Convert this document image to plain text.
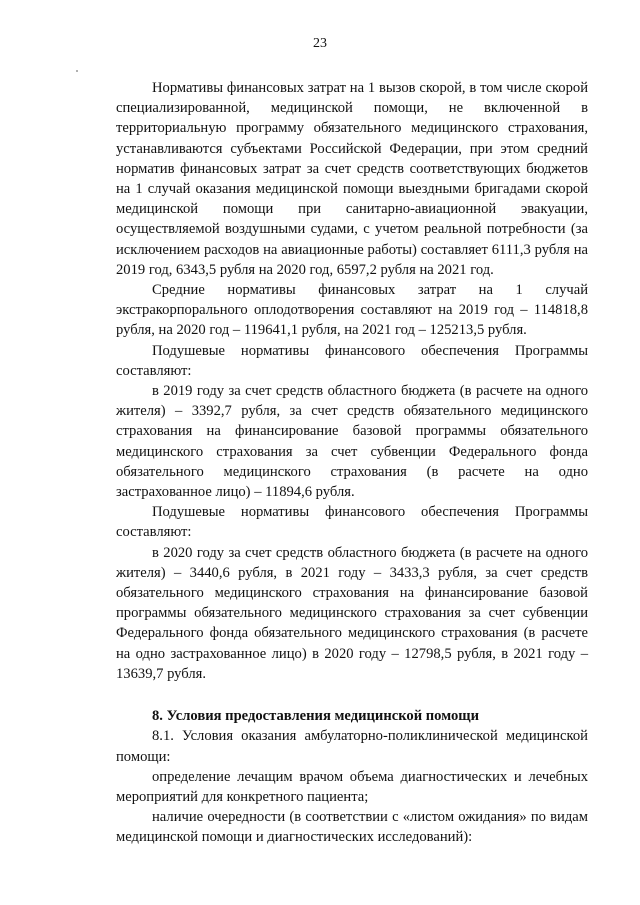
23

Нормативы финансовых затрат на 1 вызов скорой, в том числе скорой специализированной, медицинской помощи, не включенной в территориальную программу обязательного медицинского страхования, устанавливаются субъектами Российской Федерации, при этом средний норматив финансовых затрат за счет средств соответствующих бюджетов на 1 случай оказания медицинской помощи выездными бригадами скорой медицинской помощи при санитарно-авиационной эвакуации, осуществляемой воздушными судами, с учетом реальной потребности (за исключением расходов на авиационные работы) составляет 6111,3 рубля на 2019 год, 6343,5 рубля на 2020 год, 6597,2 рубля на 2021 год.

Средние нормативы финансовых затрат на 1 случай экстракорпорального оплодотворения составляют на 2019 год – 114818,8 рубля, на 2020 год – 119641,1 рубля, на 2021 год – 125213,5 рубля.

Подушевые нормативы финансового обеспечения Программы составляют:

в 2019 году за счет средств областного бюджета (в расчете на одного жителя) – 3392,7 рубля, за счет средств обязательного медицинского страхования на финансирование базовой программы обязательного медицинского страхования за счет субвенции Федерального фонда обязательного медицинского страхования (в расчете на одно застрахованное лицо) – 11894,6 рубля.

Подушевые нормативы финансового обеспечения Программы составляют:

в 2020 году за счет средств областного бюджета (в расчете на одного жителя) – 3440,6 рубля, в 2021 году – 3433,3 рубля, за счет средств обязательного медицинского страхования на финансирование базовой программы обязательного медицинского страхования за счет субвенции Федерального фонда обязательного медицинского страхования (в расчете на одно застрахованное лицо) в 2020 году – 12798,5 рубля, в 2021 году – 13639,7 рубля.

8. Условия предоставления медицинской помощи

8.1. Условия оказания амбулаторно-поликлинической медицинской помощи:

определение лечащим врачом объема диагностических и лечебных мероприятий для конкретного пациента;

наличие очередности (в соответствии с «листом ожидания» по видам медицинской помощи и диагностических исследований):
